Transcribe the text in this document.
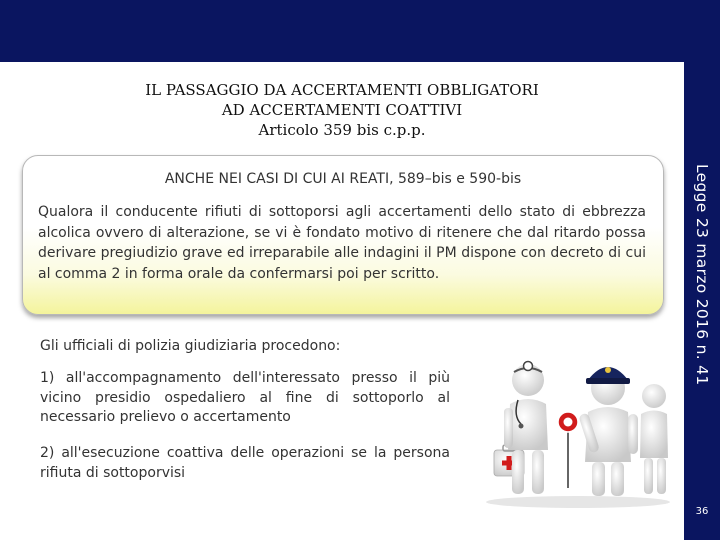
Legge 23 marzo 2016 n. 41
IL PASSAGGIO DA ACCERTAMENTI OBBLIGATORI
AD ACCERTAMENTI COATTIVI
Articolo 359 bis c.p.p.
ANCHE NEI CASI DI CUI AI REATI, 589–bis e 590-bis
Qualora il conducente rifiuti di sottoporsi agli accertamenti dello stato di ebbrezza alcolica ovvero di alterazione, se vi è fondato motivo di ritenere che dal ritardo possa derivare pregiudizio grave ed irreparabile alle indagini il PM dispone con decreto di cui al comma 2 in forma orale da confermarsi poi per scritto.
Gli ufficiali di polizia giudiziaria procedono:
1) all'accompagnamento dell'interessato presso il più vicino presidio ospedaliero al fine di sottoporlo al necessario prelievo o accertamento
2) all'esecuzione coattiva delle operazioni se la persona rifiuta di sottoporvisi
36
